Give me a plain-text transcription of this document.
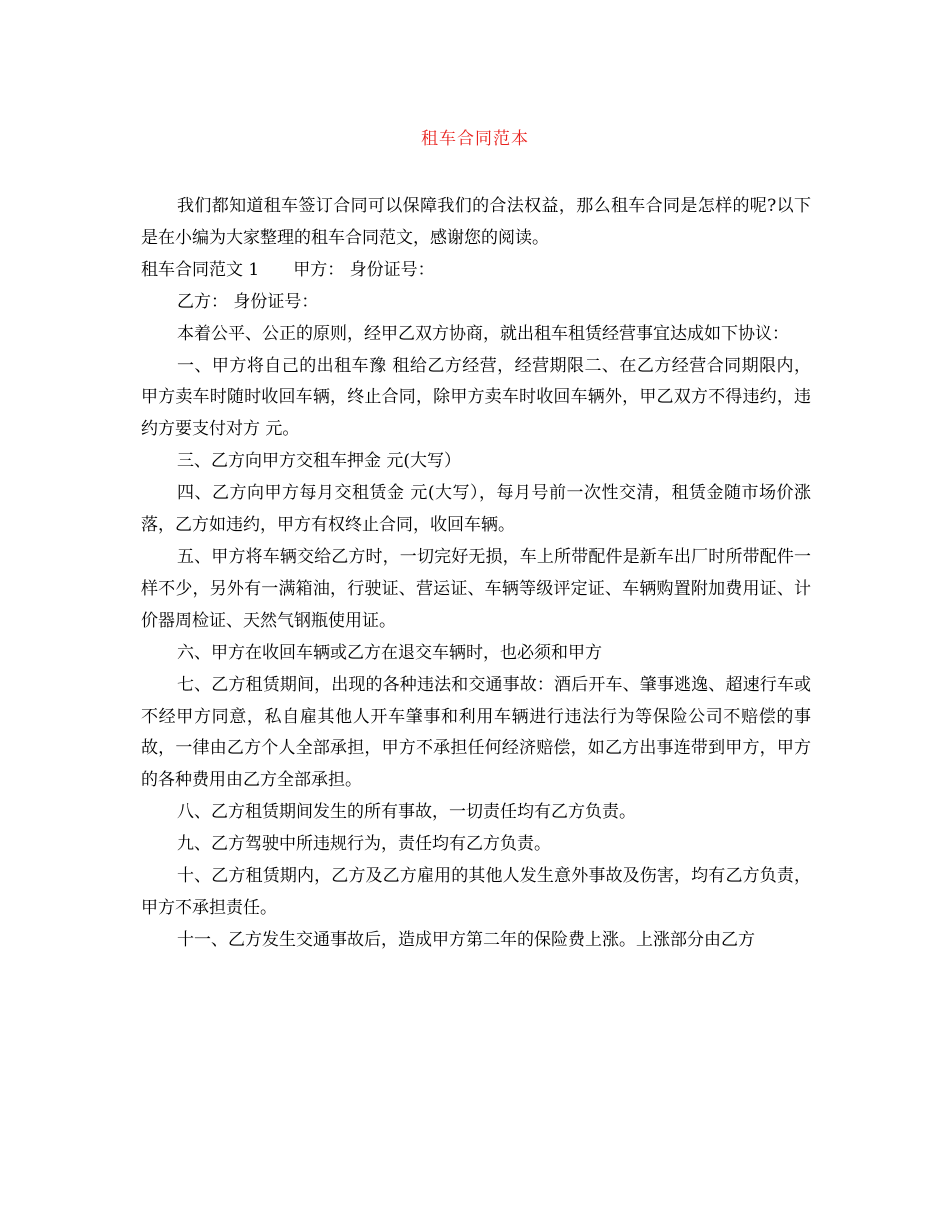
租车合同范本

我们都知道租车签订合同可以保障我们的合法权益，那么租车合同是怎样的呢?以下是在小编为大家整理的租车合同范文，感谢您的阅读。

租车合同范文 1 甲方： 身份证号：

乙方： 身份证号：

本着公平、公正的原则，经甲乙双方协商，就出租车租赁经营事宜达成如下协议：

一、甲方将自己的出租车豫 租给乙方经营，经营期限二、在乙方经营合同期限内，甲方卖车时随时收回车辆，终止合同，除甲方卖车时收回车辆外，甲乙双方不得违约，违约方要支付对方 元。

三、乙方向甲方交租车押金 元(大写）

四、乙方向甲方每月交租赁金 元(大写），每月号前一次性交清，租赁金随市场价涨落，乙方如违约，甲方有权终止合同，收回车辆。

五、甲方将车辆交给乙方时，一切完好无损，车上所带配件是新车出厂时所带配件一样不少，另外有一满箱油，行驶证、营运证、车辆等级评定证、车辆购置附加费用证、计价器周检证、天然气钢瓶使用证。

六、甲方在收回车辆或乙方在退交车辆时，也必须和甲方

七、乙方租赁期间，出现的各种违法和交通事故：酒后开车、肇事逃逸、超速行车或不经甲方同意，私自雇其他人开车肇事和利用车辆进行违法行为等保险公司不赔偿的事故，一律由乙方个人全部承担，甲方不承担任何经济赔偿，如乙方出事连带到甲方，甲方的各种费用由乙方全部承担。

八、乙方租赁期间发生的所有事故，一切责任均有乙方负责。

九、乙方驾驶中所违规行为，责任均有乙方负责。

十、乙方租赁期内，乙方及乙方雇用的其他人发生意外事故及伤害，均有乙方负责，甲方不承担责任。

十一、乙方发生交通事故后，造成甲方第二年的保险费上涨。上涨部分由乙方
